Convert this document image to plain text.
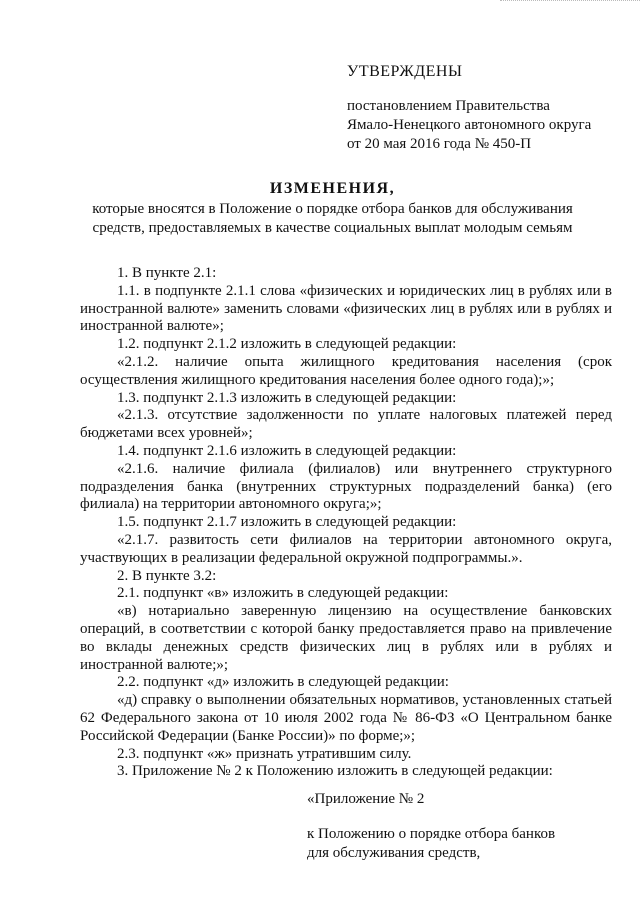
УТВЕРЖДЕНЫ
постановлением Правительства
Ямало-Ненецкого автономного округа
от 20 мая 2016 года № 450-П
ИЗМЕНЕНИЯ,
которые вносятся в Положение о порядке отбора банков для обслуживания
средств, предоставляемых в качестве социальных выплат молодым семьям

1. В пункте 2.1:

1.1. в подпункте 2.1.1 слова «физических и юридических лиц в рублях или в иностранной валюте» заменить словами «физических лиц в рублях или в рублях и иностранной валюте»;

1.2. подпункт 2.1.2 изложить в следующей редакции:

«2.1.2. наличие опыта жилищного кредитования населения (срок осуществления жилищного кредитования населения более одного года);»;

1.3. подпункт 2.1.3 изложить в следующей редакции:

«2.1.3. отсутствие задолженности по уплате налоговых платежей перед бюджетами всех уровней»;

1.4. подпункт 2.1.6 изложить в следующей редакции:

«2.1.6. наличие филиала (филиалов) или внутреннего структурного подразделения банка (внутренних структурных подразделений банка) (его филиала) на территории автономного округа;»;

1.5. подпункт 2.1.7 изложить в следующей редакции:

«2.1.7. развитость сети филиалов на территории автономного округа, участвующих в реализации федеральной окружной подпрограммы.».

2. В пункте 3.2:

2.1. подпункт «в» изложить в следующей редакции:

«в) нотариально заверенную лицензию на осуществление банковских операций, в соответствии с которой банку предоставляется право на привлечение во вклады денежных средств физических лиц в рублях или в рублях и иностранной валюте;»;

2.2. подпункт «д» изложить в следующей редакции:

«д) справку о выполнении обязательных нормативов, установленных статьей 62 Федерального закона от 10 июля 2002 года № 86-ФЗ «О Центральном банке Российской Федерации (Банке России)» по форме;»;

2.3. подпункт «ж» признать утратившим силу.

3. Приложение № 2 к Положению изложить в следующей редакции:

«Приложение № 2
к Положению о порядке отбора банков
для обслуживания средств,
